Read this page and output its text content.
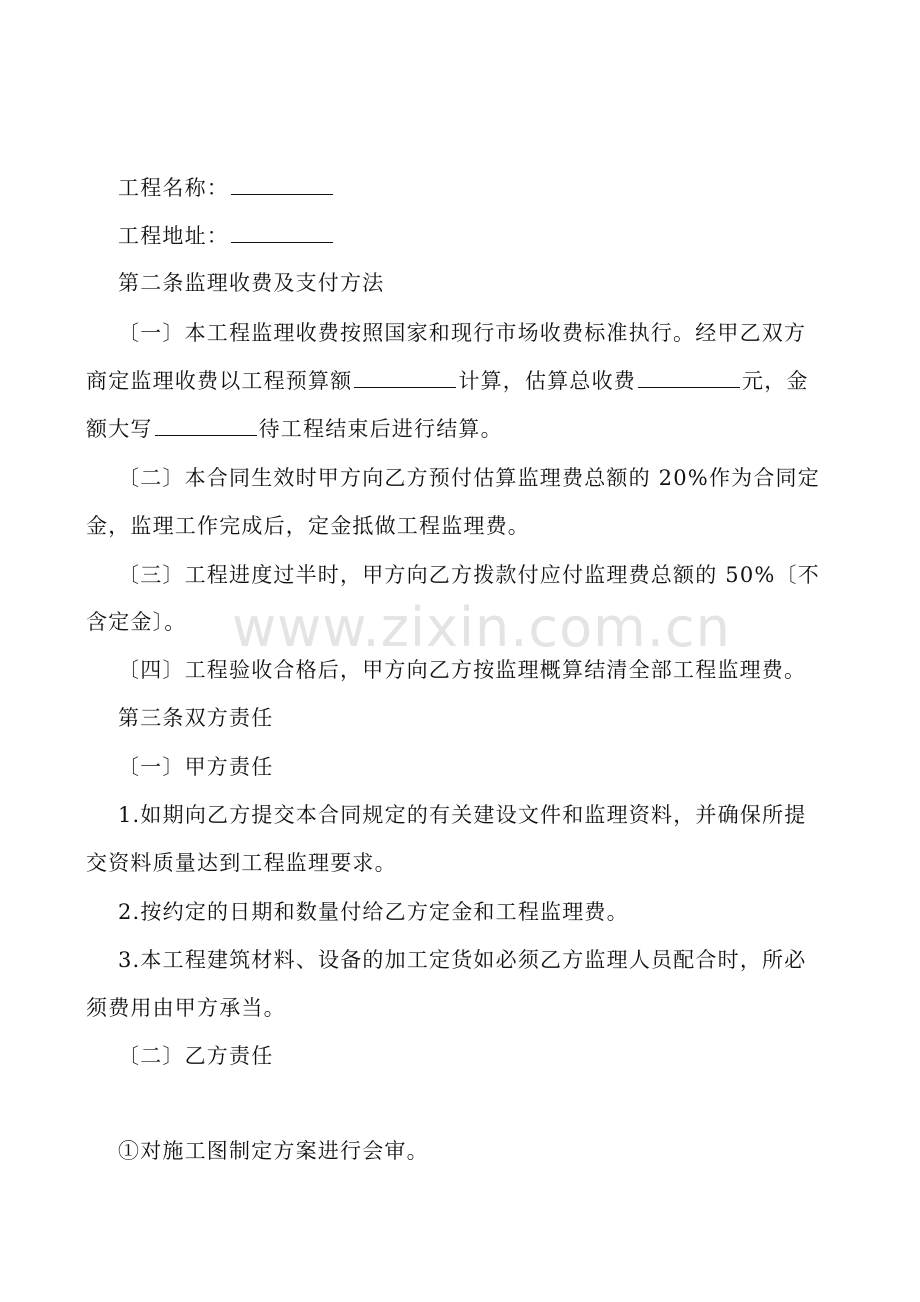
www.zixin.com.cn
工程名称：
工程地址：
第二条监理收费及支付方法
〔一〕本工程监理收费按照国家和现行市场收费标准执行。经甲乙双方
商定监理收费以工程预算额	计算，估算总收费	元，金
额大写	待工程结束后进行结算。
〔二〕本合同生效时甲方向乙方预付估算监理费总额的 20%作为合同定
金，监理工作完成后，定金抵做工程监理费。
〔三〕工程进度过半时，甲方向乙方拨款付应付监理费总额的 50%〔不
含定金〕。
〔四〕工程验收合格后，甲方向乙方按监理概算结清全部工程监理费。
第三条双方责任
〔一〕甲方责任
1.如期向乙方提交本合同规定的有关建设文件和监理资料，并确保所提
交资料质量达到工程监理要求。
2.按约定的日期和数量付给乙方定金和工程监理费。
3.本工程建筑材料、设备的加工定货如必须乙方监理人员配合时，所必
须费用由甲方承当。
〔二〕乙方责任
①对施工图制定方案进行会审。
